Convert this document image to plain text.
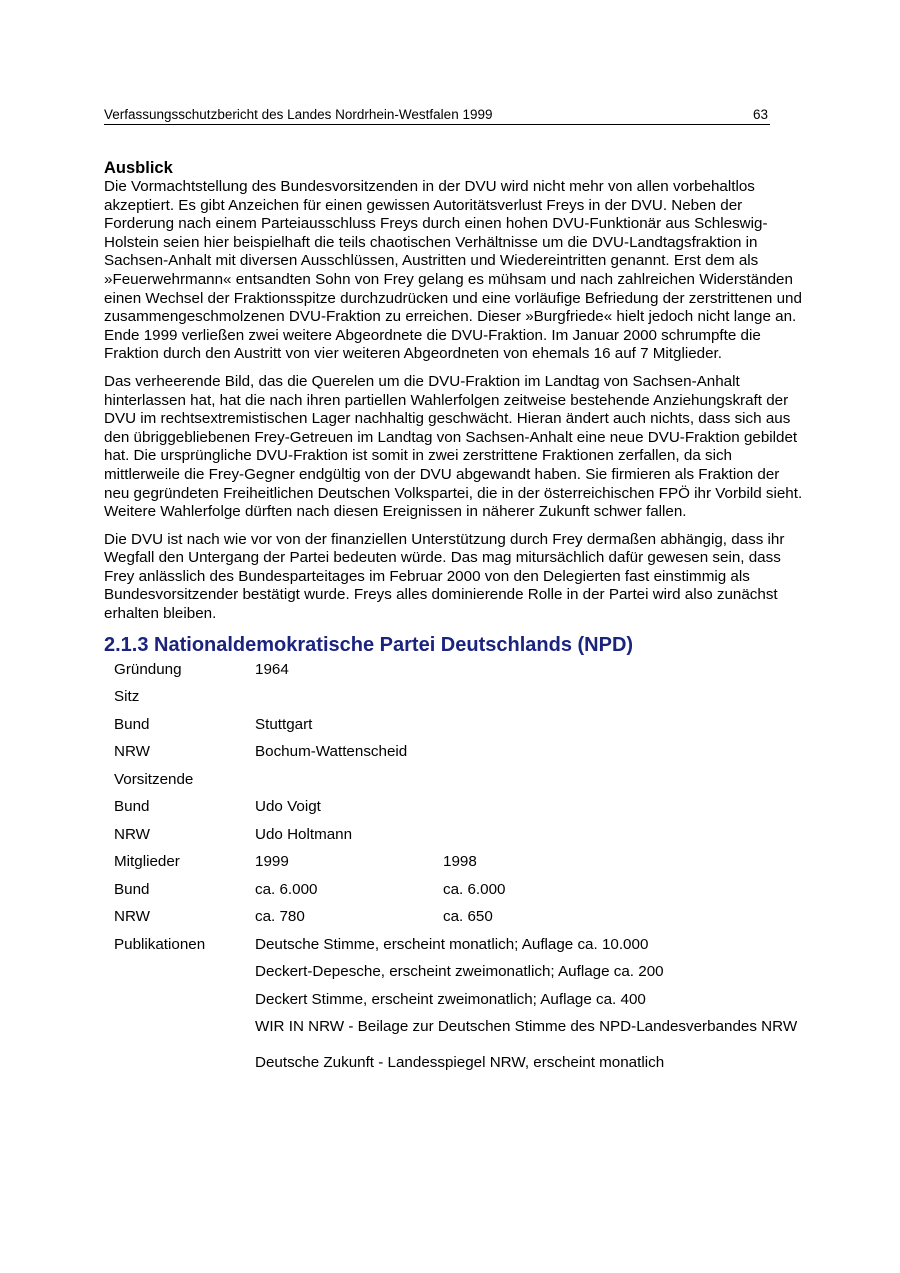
Verfassungsschutzbericht des Landes Nordrhein-Westfalen 1999	63
Ausblick

Die Vormachtstellung des Bundesvorsitzenden in der DVU wird nicht mehr von allen vorbehaltlos akzeptiert. Es gibt Anzeichen für einen gewissen Autoritätsverlust Freys in der DVU. Neben der Forderung nach einem Parteiausschluss Freys durch einen hohen DVU-Funktionär aus Schleswig-Holstein seien hier beispielhaft die teils chaotischen Verhältnisse um die DVU-Landtagsfraktion in Sachsen-Anhalt mit diversen Ausschlüssen, Austritten und Wiedereintritten genannt. Erst dem als »Feuerwehrmann« entsandten Sohn von Frey gelang es mühsam und nach zahlreichen Widerständen einen Wechsel der Fraktionsspitze durchzudrücken und eine vorläufige Befriedung der zerstrittenen und zusammengeschmolzenen DVU-Fraktion zu erreichen. Dieser »Burgfriede« hielt jedoch nicht lange an. Ende 1999 verließen zwei weitere Abgeordnete die DVU-Fraktion. Im Januar 2000 schrumpfte die Fraktion durch den Austritt von vier weiteren Abgeordneten von ehemals 16 auf 7 Mitglieder.

Das verheerende Bild, das die Querelen um die DVU-Fraktion im Landtag von Sachsen-Anhalt hinterlassen hat, hat die nach ihren partiellen Wahlerfolgen zeitweise bestehende Anziehungskraft der DVU im rechtsextremistischen Lager nachhaltig geschwächt. Hieran ändert auch nichts, dass sich aus den übriggebliebenen Frey-Getreuen im Landtag von Sachsen-Anhalt eine neue DVU-Fraktion gebildet hat. Die ursprüngliche DVU-Fraktion ist somit in zwei zerstrittene Fraktionen zerfallen, da sich mittlerweile die Frey-Gegner endgültig von der DVU abgewandt haben. Sie firmieren als Fraktion der neu gegründeten Freiheitlichen Deutschen Volkspartei, die in der österreichischen FPÖ ihr Vorbild sieht. Weitere Wahlerfolge dürften nach diesen Ereignissen in näherer Zukunft schwer fallen.

Die DVU ist nach wie vor von der finanziellen Unterstützung durch Frey dermaßen abhängig, dass ihr Wegfall den Untergang der Partei bedeuten würde. Das mag mitursächlich dafür gewesen sein, dass Frey anlässlich des Bundesparteitages im Februar 2000 von den Delegierten fast einstimmig als Bundesvorsitzender bestätigt wurde. Freys alles dominierende Rolle in der Partei wird also zunächst erhalten bleiben.

2.1.3 Nationaldemokratische Partei Deutschlands (NPD)
Gründung	1964	
Sitz		
Bund	Stuttgart	
NRW	Bochum-Wattenscheid	
Vorsitzende		
Bund	Udo Voigt	
NRW	Udo Holtmann	
Mitglieder	1999	1998
Bund	ca. 6.000	ca. 6.000
NRW	ca. 780	ca. 650
Publikationen	Deutsche Stimme, erscheint monatlich; Auflage ca. 10.000	
	Deckert-Depesche, erscheint zweimonatlich; Auflage ca. 200	
	Deckert Stimme, erscheint zweimonatlich; Auflage ca. 400	
	WIR IN NRW - Beilage zur Deutschen Stimme des NPD-Landesverbandes NRW	
	Deutsche Zukunft - Landesspiegel NRW, erscheint monatlich	
